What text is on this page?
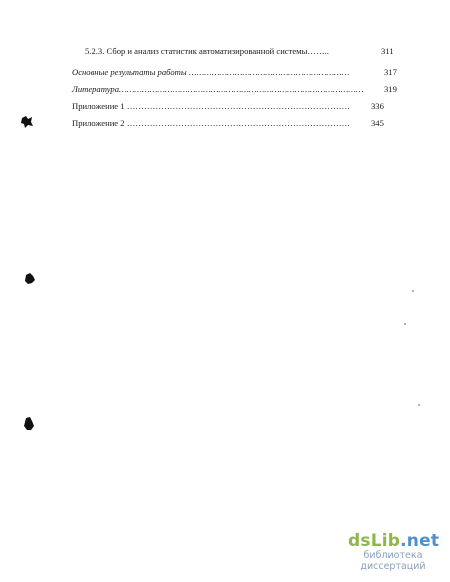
5.2.3. Сбор и анализ статистик автоматизированной системы……..	311
Основные результаты работы ………………………………………………………	317
Литература…………………………………………………………………………………… 319
Приложение 1 …………………………………………………………………… 336
Приложение 2 …………………………………………………………………… 345
dsLib.net
библиотека диссертаций
